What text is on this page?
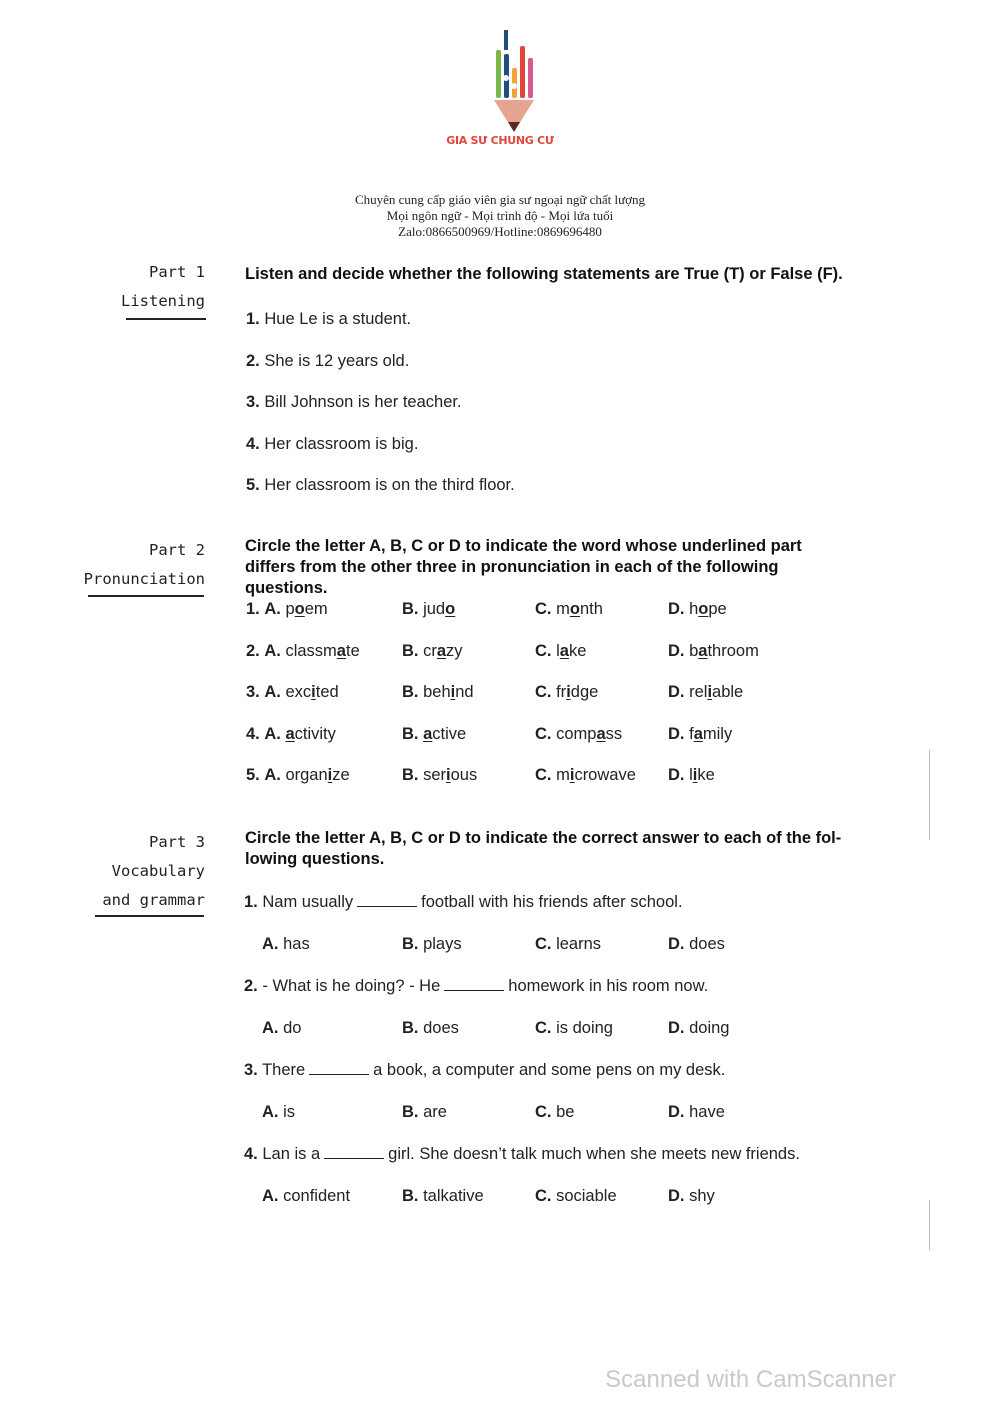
GIA SƯ CHUNG CƯ
Chuyên cung cấp giáo viên gia sư ngoại ngữ chất lượng
Mọi ngôn ngữ - Mọi trình độ - Mọi lứa tuổi
Zalo:0866500969/Hotline:0869696480
Part 1
Listening
Listen and decide whether the following statements are True (T) or False (F).
1. Hue Le is a student.
2. She is 12 years old.
3. Bill Johnson is her teacher.
4. Her classroom is big.
5. Her classroom is on the third floor.
Part 2
Pronunciation
Circle the letter A, B, C or D to indicate the word whose underlined part
differs from the other three in pronunciation in each of the following questions.
1. A. poem	B. judo	C. month	D. hope
2. A. classmate	B. crazy	C. lake	D. bathroom
3. A. excited	B. behind	C. fridge	D. reliable
4. A. activity	B. active	C. compass	D. family
5. A. organize	B. serious	C. microwave D. like
Part 3
Vocabulary
and grammar
Circle the letter A, B, C or D to indicate the correct answer to each of the fol-
lowing questions.
1. Nam usually	football with his friends after school.
A. has	B. plays	C. learns	D. does
2. - What is he doing? - He	homework in his room now.
A. do	B. does	C. is doing	D. doing
3. There	a book, a computer and some pens on my desk.
A. is	B. are	C. be	D. have
4. Lan is a	girl. She doesn’t talk much when she meets new friends.
A. confident	B. talkative	C. sociable	D. shy
Scanned with CamScanner
